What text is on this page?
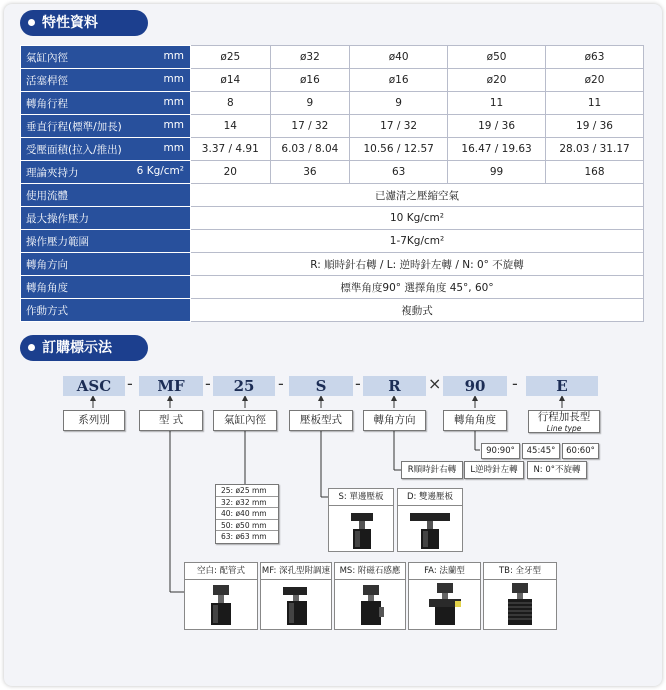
特性資料
mm
氣缸內徑	ø25	ø32	ø40	ø50	ø63

mm
活塞桿徑	ø14	ø16	ø16	ø20	ø20

mm
轉角行程	8	9	9	11	11

mm
垂直行程(標準/加長)	14	17 / 32	17 / 32	19 / 36	19 / 36

mm
受壓面積(拉入/推出)	3.37 / 4.91	6.03 / 8.04	10.56 / 12.57	16.47 / 19.63	28.03 / 31.17

6 Kg/cm²
理論夾持力	20	36	63	99	168
使用流體	已濾清之壓縮空氣				
最大操作壓力	10 Kg/cm²				
操作壓力範圍	1-7Kg/cm²				
轉角方向	R: 順時針右轉 / L: 逆時針左轉 / N: 0° 不旋轉				
轉角角度	標準角度90° 選擇角度 45°, 60°				
作動方式	複動式				
訂購標示法
ASC -	MF	-	25	-	S	-	R	×	90	-	E
系列別	型 式	氣缸內徑	壓板型式	轉角方向	轉角角度	行程加長型
Line type
90:90°	45:45°	60:60°
R順時針右轉	L逆時針左轉	N: 0°不旋轉
25: ø25 mm
32: ø32 mm
40: ø40 mm
50: ø50 mm
63: ø63 mm
S: 單邊壓板	D: 雙邊壓板
空白: 配管式	MF: 深孔型附調速	MS: 附磁石感應	FA: 法蘭型	TB: 全牙型
